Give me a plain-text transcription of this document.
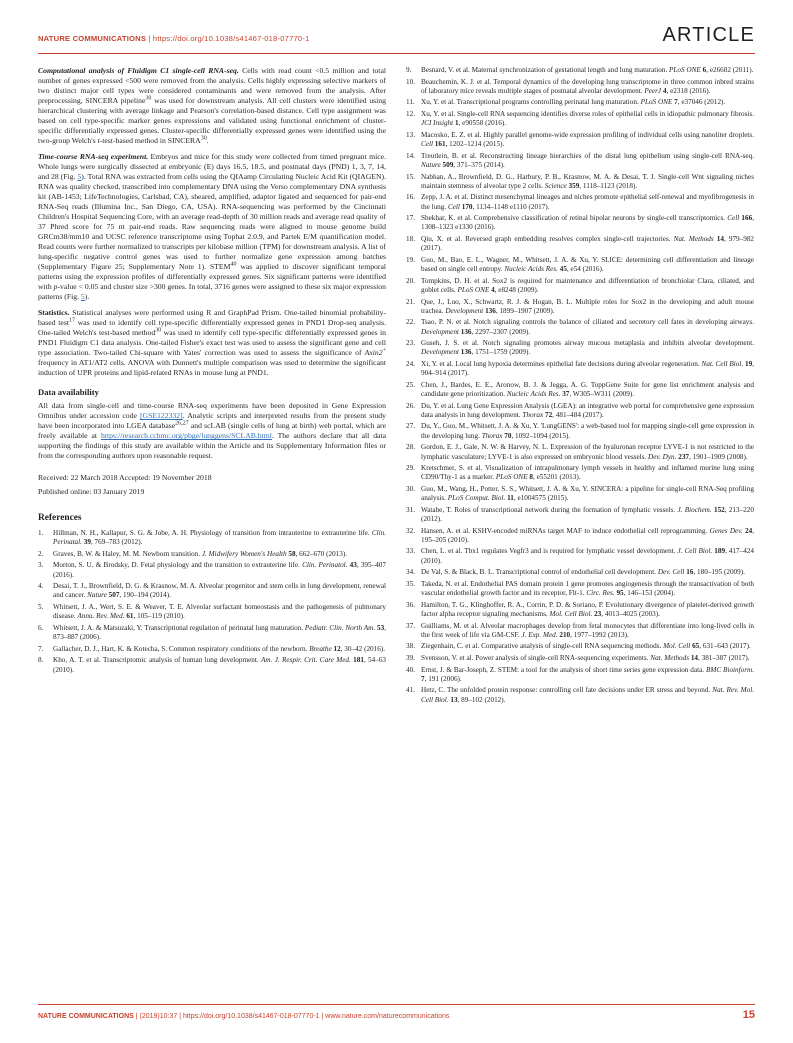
NATURE COMMUNICATIONS | https://doi.org/10.1038/s41467-018-07770-1	ARTICLE

Computational analysis of Fluidigm C1 single-cell RNA-seq. Cells with read count <0.5 million and total number of genes expressed <500 were removed from the analysis. Cells highly expressing selective markers of two distinct major cell types were considered contaminants and were removed from the analysis. After preprocessing, SINCERA pipeline$^{30}$ was used for downstream analysis. All cell clusters were identified using hierarchical clustering with average linkage and Pearson's correlation-based distance. Cell type assignment was based on cell type-specific marker genes expressions and validated using functional enrichment of cluster-specific differentially expressed genes. Cluster-specific differentially expressed genes were identified using the two-group Welch's t-test-based method in SINCERA$^{30}$.

Time-course RNA-seq experiment. Embryos and mice for this study were collected from timed pregnant mice. Whole lungs were surgically dissected at embryonic (E) days 16.5, 18.5, and postnatal days (PND) 1, 3, 7, 14, and 28 (Fig. 5). Total RNA was extracted from cells using the QIAamp Circulating Nucleic Acid Kit (QIAGEN). RNA was quality checked, transcribed into complementary DNA using the Verso complementary DNA synthesis kit (AB-1453; LifeTechnologies, Carlsbad, CA), sheared, amplified, adaptor ligated and sequenced for pair-end RNA-Seq reads (Illumina Inc., San Diego, CA, USA). RNA-sequencing was performed by the Cincinnati Children's Hospital Sequencing Core, with an average read-depth of 30 million reads and average read quality of 37 Phred score for 75 nt pair-end reads. Raw sequencing reads were aligned to mouse genome build GRCm38/mm10 and UCSC reference transcriptome using Tophat 2.0.9, and Partek E/M quantification model. Read counts were further normalized to transcripts per kilobase million (TPM) for downstream analysis. A list of lung-specific negative control genes was used to further normalize gene expression among batches (Supplementary Figure 25; Supplementary Note 1). STEM$^{40}$ was applied to discover significant temporal patterns using the expression profiles of differentially expressed genes. Six significant patterns were identified with p-value < 0.05 and cluster size >300 genes. In total, 3716 genes were assigned to these six major expression patterns (Fig. 5).

Statistics. Statistical analyses were performed using R and GraphPad Prism. One-tailed binomial probability-based test$^{17}$ was used to identify cell type-specific differentially expressed genes in PND1 Drop-seq analysis. One-tailed Welch's test-based method$^{30}$ was used to identify cell type-specific differentially expressed genes in PND1 Fluidigm C1 data analysis. One-tailed Fisher's exact test was used to assess the significant gene and cell type association. Two-tailed Chi-square with Yates' correction was used to assess the significance of Axin2+ frequency in AT1/AT2 cells. ANOVA with Dunnett's multiple comparison was used to determine the significant induction of UPR proteins and lipid-related RNAs in mouse lung at PND1.

Data availability

All data from single-cell and time-course RNA-seq experiments have been deposited in Gene Expression Omnibus under accession code [GSE122332]. Analytic scripts and interpreted results from the present study have been incorporated into LGEA database$^{26,27}$ and scLAB (single cells of lung at birth) web portal, which are freely available at https://research.cchmc.org/pbge/lunggens/SCLAB.html. The authors declare that all data supporting the findings of this study are available within the Article and its Supplementary Information files or from the corresponding authors upon reasonable request.

Received: 22 March 2018 Accepted: 19 November 2018
Published online: 03 January 2019
References
Hillman, N. H., Kallapur, S. G. & Jobe, A. H. Physiology of transition from intrauterine to extrauterine life. Clin. Perinatal. 39, 769–783 (2012).
Graves, B. W. & Haley, M. M. Newborn transition. J. Midwifery Women's Health 58, 662–670 (2013).
Morton, S. U. & Brodsky, D. Fetal physiology and the transition to extrauterine life. Clin. Perinatol. 43, 395–407 (2016).
Desai, T. J., Brownfield, D. G. & Krasnow, M. A. Alveolar progenitor and stem cells in lung development, renewal and cancer. Nature 507, 190–194 (2014).
Whitsett, J. A., Wert, S. E. & Weaver, T. E. Alveolar surfactant homeostasis and the pathogenesis of pulmonary disease. Annu. Rev. Med. 61, 105–119 (2010).
Whitsett, J. A. & Matsuzaki, Y. Transcriptional regulation of perinatal lung maturation. Pediatr. Clin. North Am. 53, 873–887 (2006).
Gallacher, D. J., Hart, K. & Kotecha, S. Common respiratory conditions of the newborn. Breathe 12, 30–42 (2016).
Kho, A. T. et al. Transcriptomic analysis of human lung development. Am. J. Respir. Crit. Care Med. 181, 54–63 (2010).
Besnard, V. et al. Maternal synchronization of gestational length and lung maturation. PLoS ONE 6, e26682 (2011).
Beauchemin, K. J. et al. Temporal dynamics of the developing lung transcriptome in three common inbred strains of laboratory mice reveals multiple stages of postnatal alveolar development. PeerJ 4, e2318 (2016).
Xu, Y. et al. Transcriptional programs controlling perinatal lung maturation. PLoS ONE 7, e37046 (2012).
Xu, Y. et al. Single-cell RNA sequencing identifies diverse roles of epithelial cells in idiopathic pulmonary fibrosis. JCI Insight 1, e90558 (2016).
Macosko, E. Z. et al. Highly parallel genome-wide expression profiling of individual cells using nanoliter droplets. Cell 161, 1202–1214 (2015).
Treutlein, B. et al. Reconstructing lineage hierarchies of the distal lung epithelium using single-cell RNA-seq. Nature 509, 371–375 (2014).
Nabhan, A., Brownfield, D. G., Harbury, P. B., Krasnow, M. A. & Desai, T. J. Single-cell Wnt signaling niches maintain stemness of alveolar type 2 cells. Science 359, 1118–1123 (2018).
Zepp, J. A. et al. Distinct mesenchymal lineages and niches promote epithelial self-renewal and myofibrogenesis in the lung. Cell 170, 1134–1148 e1110 (2017).
Shekhar, K. et al. Comprehensive classification of retinal bipolar neurons by single-cell transcriptomics. Cell 166, 1308–1323 e1330 (2016).
Qiu, X. et al. Reversed graph embedding resolves complex single-cell trajectories. Nat. Methods 14, 979–982 (2017).
Guo, M., Bao, E. L., Wagner, M., Whitsett, J. A. & Xu, Y. SLICE: determining cell differentiation and lineage based on single cell entropy. Nucleic Acids Res. 45, e54 (2016).
Tompkins, D. H. et al. Sox2 is required for maintenance and differentiation of bronchiolar Clara, ciliated, and goblet cells. PLoS ONE 4, e8248 (2009).
Que, J., Luo, X., Schwartz, R. J. & Hogan, B. L. Multiple roles for Sox2 in the developing and adult mouse trachea. Development 136, 1899–1907 (2009).
Tsao, P. N. et al. Notch signaling controls the balance of ciliated and secretory cell fates in developing airways. Development 136, 2297–2307 (2009).
Guseh, J. S. et al. Notch signaling promotes airway mucous metaplasia and inhibits alveolar development. Development 136, 1751–1759 (2009).
Xi, Y. et al. Local lung hypoxia determines epithelial fate decisions during alveolar regeneration. Nat. Cell Biol. 19, 904–914 (2017).
Chen, J., Bardes, E. E., Aronow, B. J. & Jegga, A. G. ToppGene Suite for gene list enrichment analysis and candidate gene prioritization. Nucleic Acids Res. 37, W305–W311 (2009).
Du, Y. et al. Lung Gene Expression Analysis (LGEA): an integrative web portal for comprehensive gene expression data analysis in lung development. Thorax 72, 481–484 (2017).
Du, Y., Guo, M., Whitsett, J. A. & Xu, Y. 'LungGENS': a web-based tool for mapping single-cell gene expression in the developing lung. Thorax 70, 1092–1094 (2015).
Gordon, E. J., Gale, N. W. & Harvey, N. L. Expression of the hyaluronan receptor LYVE-1 is not restricted to the lymphatic vasculature; LYVE-1 is also expressed on embryonic blood vessels. Dev. Dyn. 237, 1901–1909 (2008).
Kretschmer, S. et al. Visualization of intrapulmonary lymph vessels in healthy and inflamed murine lung using CD90/Thy-1 as a marker. PLoS ONE 8, e55201 (2013).
Guo, M., Wang, H., Potter, S. S., Whitsett, J. A. & Xu, Y. SINCERA: a pipeline for single-cell RNA-Seq profiling analysis. PLoS Comput. Biol. 11, e1004575 (2015).
Watabe, T. Roles of transcriptional network during the formation of lymphatic vessels. J. Biochem. 152, 213–220 (2012).
Hansen, A. et al. KSHV-encoded miRNAs target MAF to induce endothelial cell reprogramming. Genes Dev. 24, 195–205 (2010).
Chen, L. et al. Tbx1 regulates Vegfr3 and is required for lymphatic vessel development. J. Cell Biol. 189, 417–424 (2010).
De Val, S. & Black, B. L. Transcriptional control of endothelial cell development. Dev. Cell 16, 180–195 (2009).
Takeda, N. et al. Endothelial PAS domain protein 1 gene promotes angiogenesis through the transactivation of both vascular endothelial growth factor and its receptor, Flt-1. Circ. Res. 95, 146–153 (2004).
Hamilton, T. G., Klinghoffer, R. A., Corrin, P. D. & Soriano, P. Evolutionary divergence of platelet-derived growth factor alpha receptor signaling mechanisms. Mol. Cell Biol. 23, 4013–4025 (2003).
Guilliams, M. et al. Alveolar macrophages develop from fetal monocytes that differentiate into long-lived cells in the first week of life via GM-CSF. J. Exp. Med. 210, 1977–1992 (2013).
Ziegenhain, C. et al. Comparative analysis of single-cell RNA sequencing methods. Mol. Cell 65, 631–643 (2017).
Svensson, V. et al. Power analysis of single-cell RNA-sequencing experiments. Nat. Methods 14, 381–387 (2017).
Ernst, J. & Bar-Joseph, Z. STEM: a tool for the analysis of short time series gene expression data. BMC Bioinform. 7, 191 (2006).
Hetz, C. The unfolded protein response: controlling cell fate decisions under ER stress and beyond. Nat. Rev. Mol. Cell Biol. 13, 89–102 (2012).
NATURE COMMUNICATIONS | (2019)10:37 | https://doi.org/10.1038/s41467-018-07770-1 | www.nature.com/naturecommunications	15
